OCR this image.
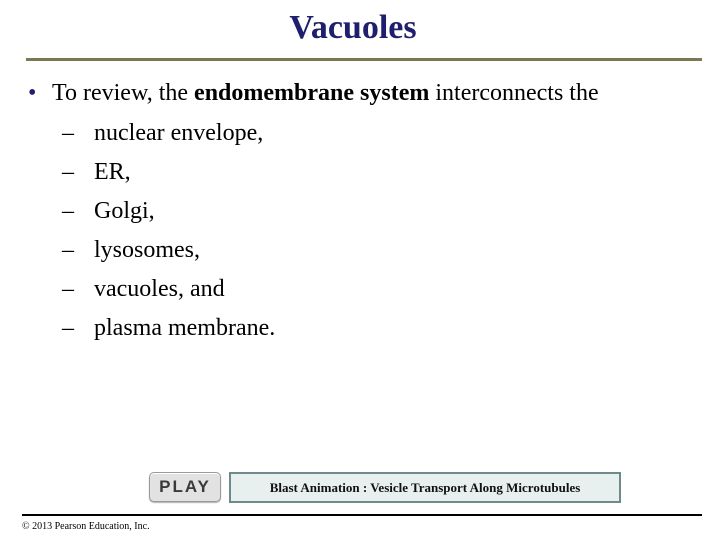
Vacuoles
• To review, the endomembrane system interconnects the
– nuclear envelope,
– ER,
– Golgi,
– lysosomes,
– vacuoles, and
– plasma membrane.
PLAY	Blast Animation : Vesicle Transport Along Microtubules
© 2013 Pearson Education, Inc.
